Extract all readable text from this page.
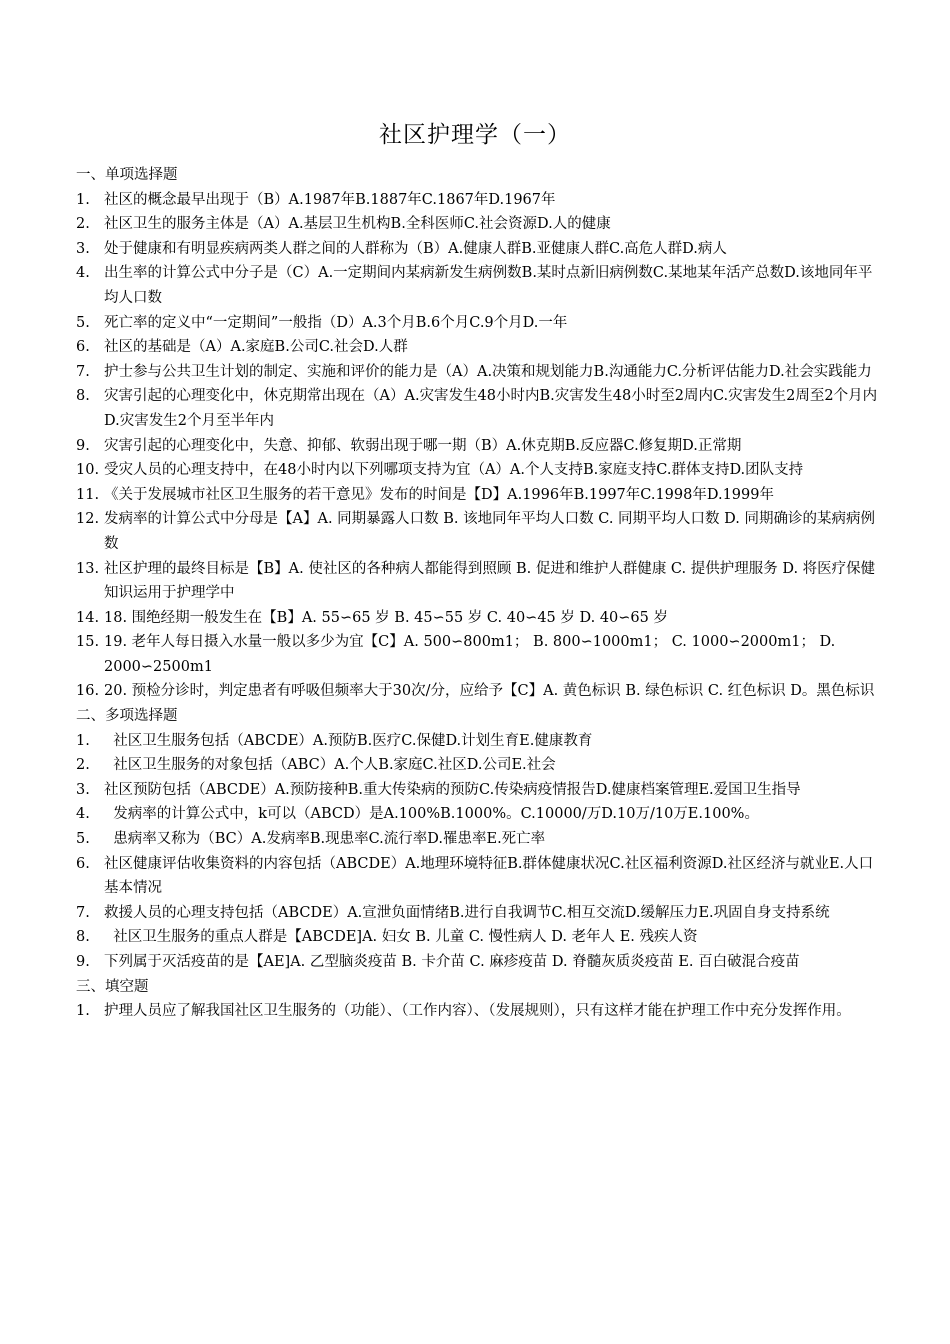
社区护理学（一）
一、单项选择题
1. 社区的概念最早出现于（B）A.1987年B.1887年C.1867年D.1967年
2. 社区卫生的服务主体是（A）A.基层卫生机构B.全科医师C.社会资源D.人的健康
3. 处于健康和有明显疾病两类人群之间的人群称为（B）A.健康人群B.亚健康人群C.高危人群D.病人
4. 出生率的计算公式中分子是（C）A.一定期间内某病新发生病例数B.某时点新旧病例数C.某地某年活产总数D.该地同年平均人口数
5. 死亡率的定义中“一定期间”一般指（D）A.3个月B.6个月C.9个月D.一年
6. 社区的基础是（A）A.家庭B.公司C.社会D.人群
7. 护士参与公共卫生计划的制定、实施和评价的能力是（A）A.决策和规划能力B.沟通能力C.分析评估能力D.社会实践能力
8. 灾害引起的心理变化中，休克期常出现在（A）A.灾害发生48小时内B.灾害发生48小时至2周内C.灾害发生2周至2个月内D.灾害发生2个月至半年内
9. 灾害引起的心理变化中，失意、抑郁、软弱出现于哪一期（B）A.休克期B.反应器C.修复期D.正常期
10. 受灾人员的心理支持中，在48小时内以下列哪项支持为宜（A）A.个人支持B.家庭支持C.群体支持D.团队支持
11. 《关于发展城市社区卫生服务的若干意见》发布的时间是【D】A.1996年B.1997年C.1998年D.1999年
12. 发病率的计算公式中分母是【A】A. 同期暴露人口数 B. 该地同年平均人口数 C. 同期平均人口数 D. 同期确诊的某病病例数
13. 社区护理的最终目标是【B】A. 使社区的各种病人都能得到照顾 B. 促进和维护人群健康 C. 提供护理服务 D. 将医疗保健知识运用于护理学中
14. 18. 围绝经期一般发生在【B】A. 55∽65 岁 B. 45∽55 岁 C. 40∽45 岁 D. 40∽65 岁
15. 19. 老年人每日摄入水量一般以多少为宜【C】A. 500∽800m1； B. 800∽1000m1； C. 1000∽2000m1； D. 2000∽2500m1
16. 20. 预检分诊时，判定患者有呼吸但频率大于30次/分，应给予【C】A. 黄色标识 B. 绿色标识 C. 红色标识 D。黑色标识
二、多项选择题
1. 社区卫生服务包括（ABCDE）A.预防B.医疗C.保健D.计划生育E.健康教育
2. 社区卫生服务的对象包括（ABC）A.个人B.家庭C.社区D.公司E.社会
3. 社区预防包括（ABCDE）A.预防接种B.重大传染病的预防C.传染病疫情报告D.健康档案管理E.爱国卫生指导
4. 发病率的计算公式中，k可以（ABCD）是A.100%B.1000%。C.10000/万D.10万/10万E.100%。
5. 患病率又称为（BC）A.发病率B.现患率C.流行率D.罹患率E.死亡率
6. 社区健康评估收集资料的内容包括（ABCDE）A.地理环境特征B.群体健康状况C.社区福利资源D.社区经济与就业E.人口基本情况
7. 救援人员的心理支持包括（ABCDE）A.宣泄负面情绪B.进行自我调节C.相互交流D.缓解压力E.巩固自身支持系统
8. 社区卫生服务的重点人群是【ABCDE]A. 妇女 B. 儿童 C. 慢性病人 D. 老年人 E. 残疾人资
9. 下列属于灭活疫苗的是【AE]A. 乙型脑炎疫苗 B. 卡介苗 C. 麻疹疫苗 D. 脊髓灰质炎疫苗 E. 百白破混合疫苗
三、填空题
1. 护理人员应了解我国社区卫生服务的（功能）、（工作内容）、（发展规则），只有这样才能在护理工作中充分发挥作用。
